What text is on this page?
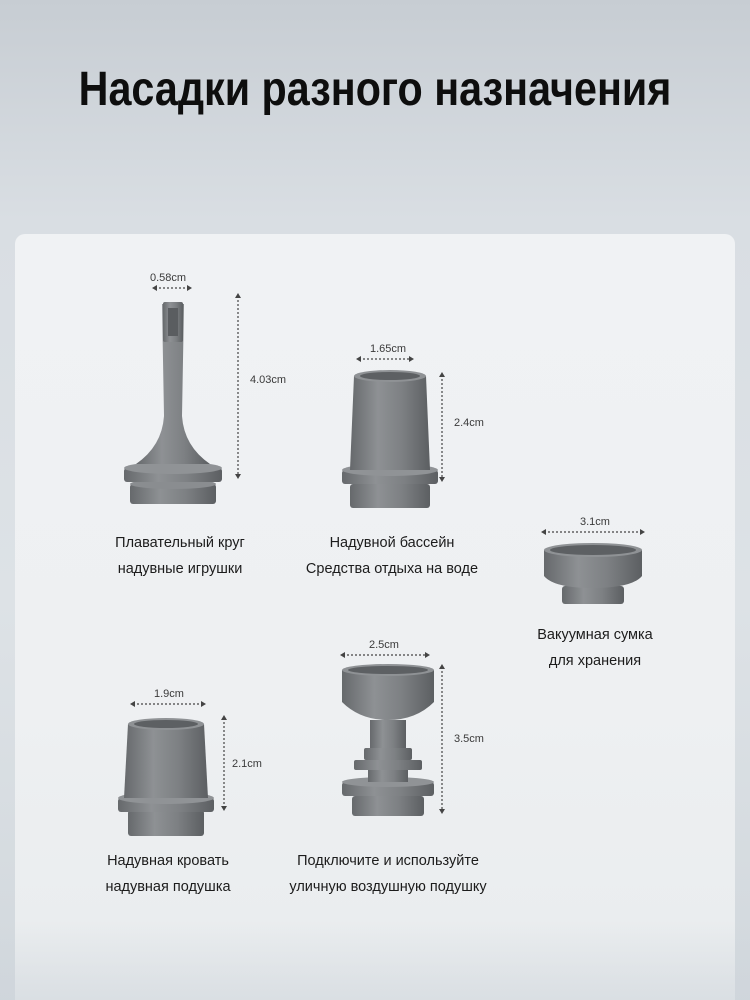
Насадки разного назначения
0.58cm
4.03cm
Плавательный круг
надувные игрушки
1.65cm
2.4cm
Надувной бассейн
Средства отдыха на воде
3.1cm
Вакуумная сумка
для хранения
1.9cm
2.1cm
Надувная кровать
надувная подушка
2.5cm
3.5cm
Подключите и используйте
уличную воздушную подушку
